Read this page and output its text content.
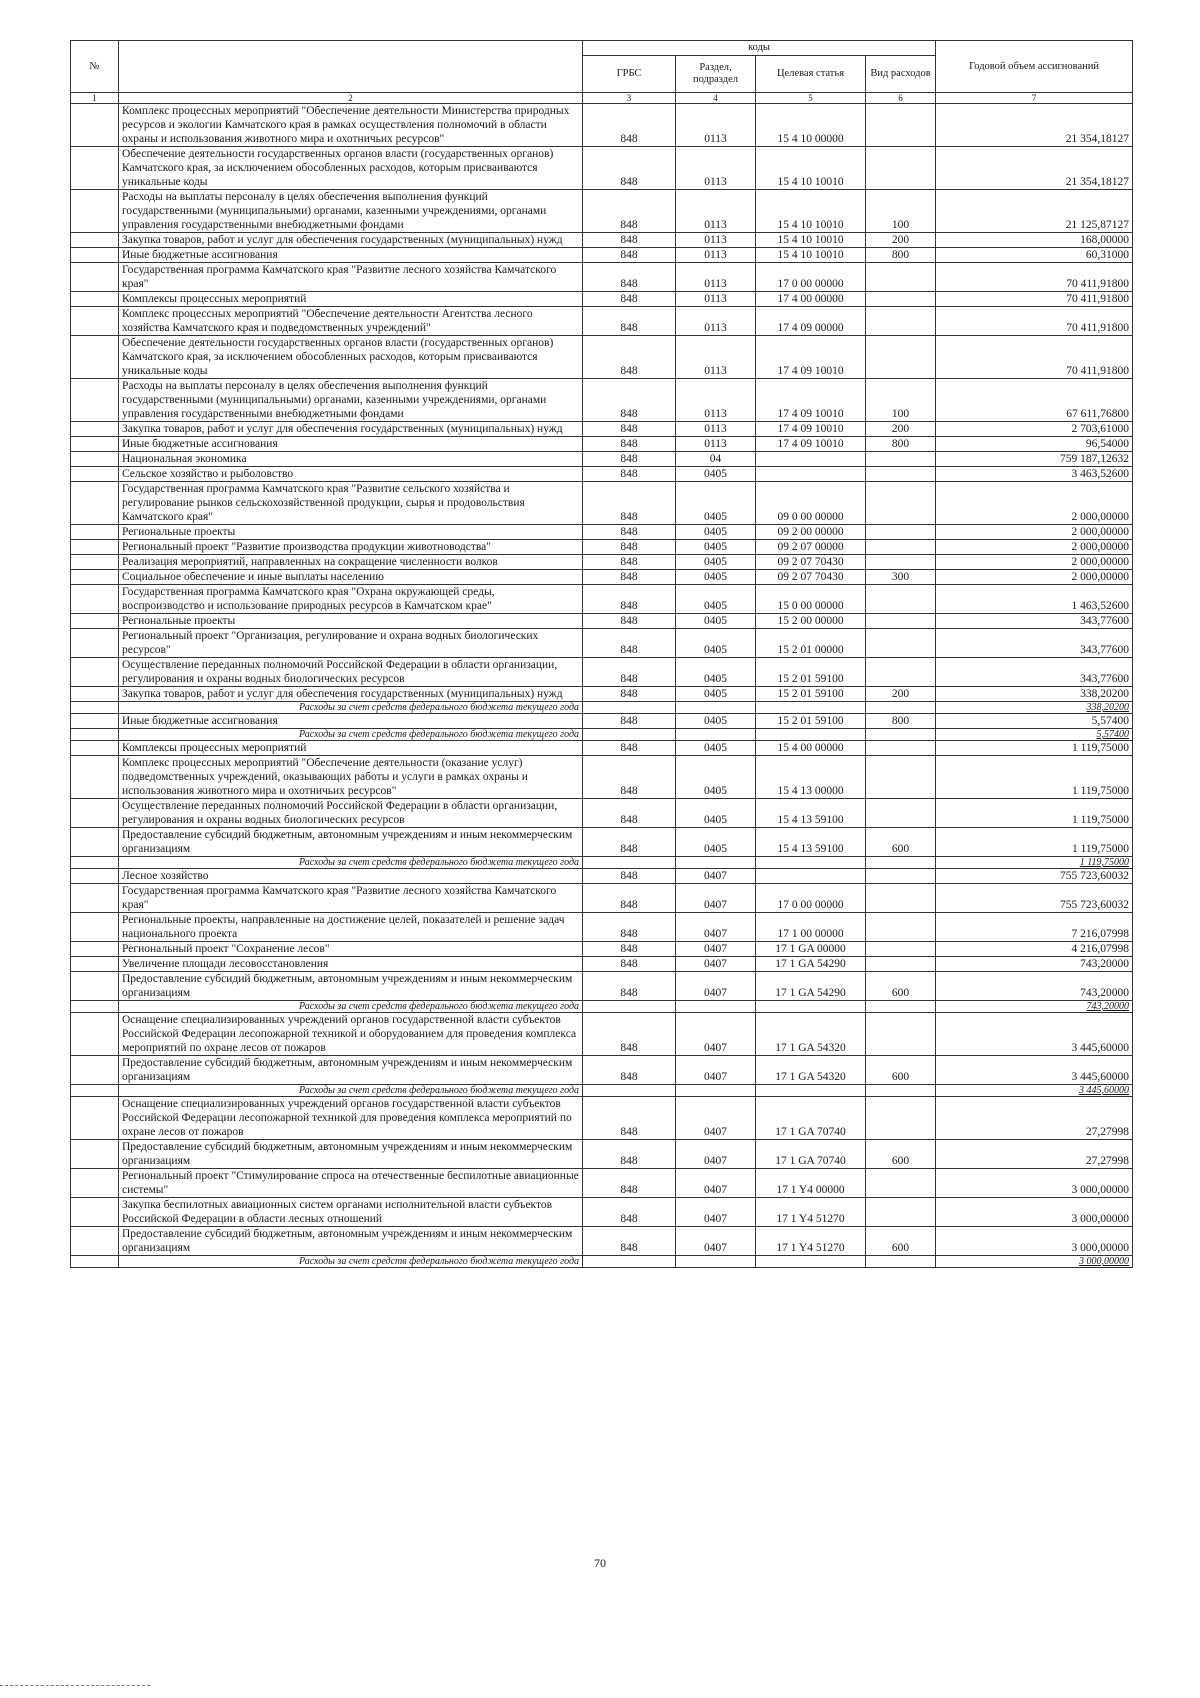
№		коды				Годовой объем ассигнований
		ГРБС	Раздел, подраздел	Целевая статья	Вид расходов	
1	2	3	4	5	6	7
	Комплекс процессных мероприятий "Обеспечение деятельности Министерства природных ресурсов и экологии Камчатского края в рамках осуществления полномочий в области охраны и использования животного мира и охотничьих ресурсов"	848	0113	15 4 10 00000		21 354,18127
	Обеспечение деятельности государственных органов власти (государственных органов) Камчатского края, за исключением обособленных расходов, которым присваиваются уникальные коды	848	0113	15 4 10 10010		21 354,18127
	Расходы на выплаты персоналу в целях обеспечения выполнения функций государственными (муниципальными) органами, казенными учреждениями, органами управления государственными внебюджетными фондами	848	0113	15 4 10 10010	100	21 125,87127
	Закупка товаров, работ и услуг для обеспечения государственных (муниципальных) нужд	848	0113	15 4 10 10010	200	168,00000
	Иные бюджетные ассигнования	848	0113	15 4 10 10010	800	60,31000
	Государственная программа Камчатского края "Развитие лесного хозяйства Камчатского края"	848	0113	17 0 00 00000		70 411,91800
	Комплексы процессных мероприятий	848	0113	17 4 00 00000		70 411,91800
	Комплекс процессных мероприятий "Обеспечение деятельности Агентства лесного хозяйства Камчатского края и подведомственных учреждений"	848	0113	17 4 09 00000		70 411,91800
	Обеспечение деятельности государственных органов власти (государственных органов) Камчатского края, за исключением обособленных расходов, которым присваиваются уникальные коды	848	0113	17 4 09 10010		70 411,91800
	Расходы на выплаты персоналу в целях обеспечения выполнения функций государственными (муниципальными) органами, казенными учреждениями, органами управления государственными внебюджетными фондами	848	0113	17 4 09 10010	100	67 611,76800
	Закупка товаров, работ и услуг для обеспечения государственных (муниципальных) нужд	848	0113	17 4 09 10010	200	2 703,61000
	Иные бюджетные ассигнования	848	0113	17 4 09 10010	800	96,54000
	Национальная экономика	848	04			759 187,12632
	Сельское хозяйство и рыболовство	848	0405			3 463,52600
	Государственная программа Камчатского края "Развитие сельского хозяйства и регулирование рынков сельскохозяйственной продукции, сырья и продовольствия Камчатского края"	848	0405	09 0 00 00000		2 000,00000
	Региональные проекты	848	0405	09 2 00 00000		2 000,00000
	Региональный проект "Развитие производства продукции животноводства"	848	0405	09 2 07 00000		2 000,00000
	Реализация мероприятий, направленных на сокращение численности волков	848	0405	09 2 07 70430		2 000,00000
	Социальное обеспечение и иные выплаты населению	848	0405	09 2 07 70430	300	2 000,00000
	Государственная программа Камчатского края "Охрана окружающей среды, воспроизводство и использование природных ресурсов в Камчатском крае"	848	0405	15 0 00 00000		1 463,52600
	Региональные проекты	848	0405	15 2 00 00000		343,77600
	Региональный проект "Организация, регулирование и охрана водных биологических ресурсов"	848	0405	15 2 01 00000		343,77600
	Осуществление переданных полномочий Российской Федерации в области организации, регулирования и охраны водных биологических ресурсов	848	0405	15 2 01 59100		343,77600
	Закупка товаров, работ и услуг для обеспечения государственных (муниципальных) нужд	848	0405	15 2 01 59100	200	338,20200
	Расходы за счет средств федерального бюджета текущего года					338,20200
	Иные бюджетные ассигнования	848	0405	15 2 01 59100	800	5,57400
	Расходы за счет средств федерального бюджета текущего года					5,57400
	Комплексы процессных мероприятий	848	0405	15 4 00 00000		1 119,75000
	Комплекс процессных мероприятий "Обеспечение деятельности (оказание услуг) подведомственных учреждений, оказывающих работы и услуги в рамках охраны и использования животного мира и охотничьих ресурсов"	848	0405	15 4 13 00000		1 119,75000
	Осуществление переданных полномочий Российской Федерации в области организации, регулирования и охраны водных биологических ресурсов	848	0405	15 4 13 59100		1 119,75000
	Предоставление субсидий бюджетным, автономным учреждениям и иным некоммерческим организациям	848	0405	15 4 13 59100	600	1 119,75000
	Расходы за счет средств федерального бюджета текущего года					1 119,75000
	Лесное хозяйство	848	0407			755 723,60032
	Государственная программа Камчатского края "Развитие лесного хозяйства Камчатского края"	848	0407	17 0 00 00000		755 723,60032
	Региональные проекты, направленные на достижение целей, показателей и решение задач национального проекта	848	0407	17 1 00 00000		7 216,07998
	Региональный проект "Сохранение лесов"	848	0407	17 1 GA 00000		4 216,07998
	Увеличение площади лесовосстановления	848	0407	17 1 GA 54290		743,20000
	Предоставление субсидий бюджетным, автономным учреждениям и иным некоммерческим организациям	848	0407	17 1 GA 54290	600	743,20000
	Расходы за счет средств федерального бюджета текущего года					743,20000
	Оснащение специализированных учреждений органов государственной власти субъектов Российской Федерации лесопожарной техникой и оборудованием для проведения комплекса мероприятий по охране лесов от пожаров	848	0407	17 1 GA 54320		3 445,60000
	Предоставление субсидий бюджетным, автономным учреждениям и иным некоммерческим организациям	848	0407	17 1 GA 54320	600	3 445,60000
	Расходы за счет средств федерального бюджета текущего года					3 445,60000
	Оснащение специализированных учреждений органов государственной власти субъектов Российской Федерации лесопожарной техникой для проведения комплекса мероприятий по охране лесов от пожаров	848	0407	17 1 GA 70740		27,27998
	Предоставление субсидий бюджетным, автономным учреждениям и иным некоммерческим организациям	848	0407	17 1 GA 70740	600	27,27998
	Региональный проект "Стимулирование спроса на отечественные беспилотные авиационные системы"	848	0407	17 1 Y4 00000		3 000,00000
	Закупка беспилотных авиационных систем органами исполнительной власти субъектов Российской Федерации в области лесных отношений	848	0407	17 1 Y4 51270		3 000,00000
	Предоставление субсидий бюджетным, автономным учреждениям и иным некоммерческим организациям	848	0407	17 1 Y4 51270	600	3 000,00000
	Расходы за счет средств федерального бюджета текущего года					3 000,00000
70
